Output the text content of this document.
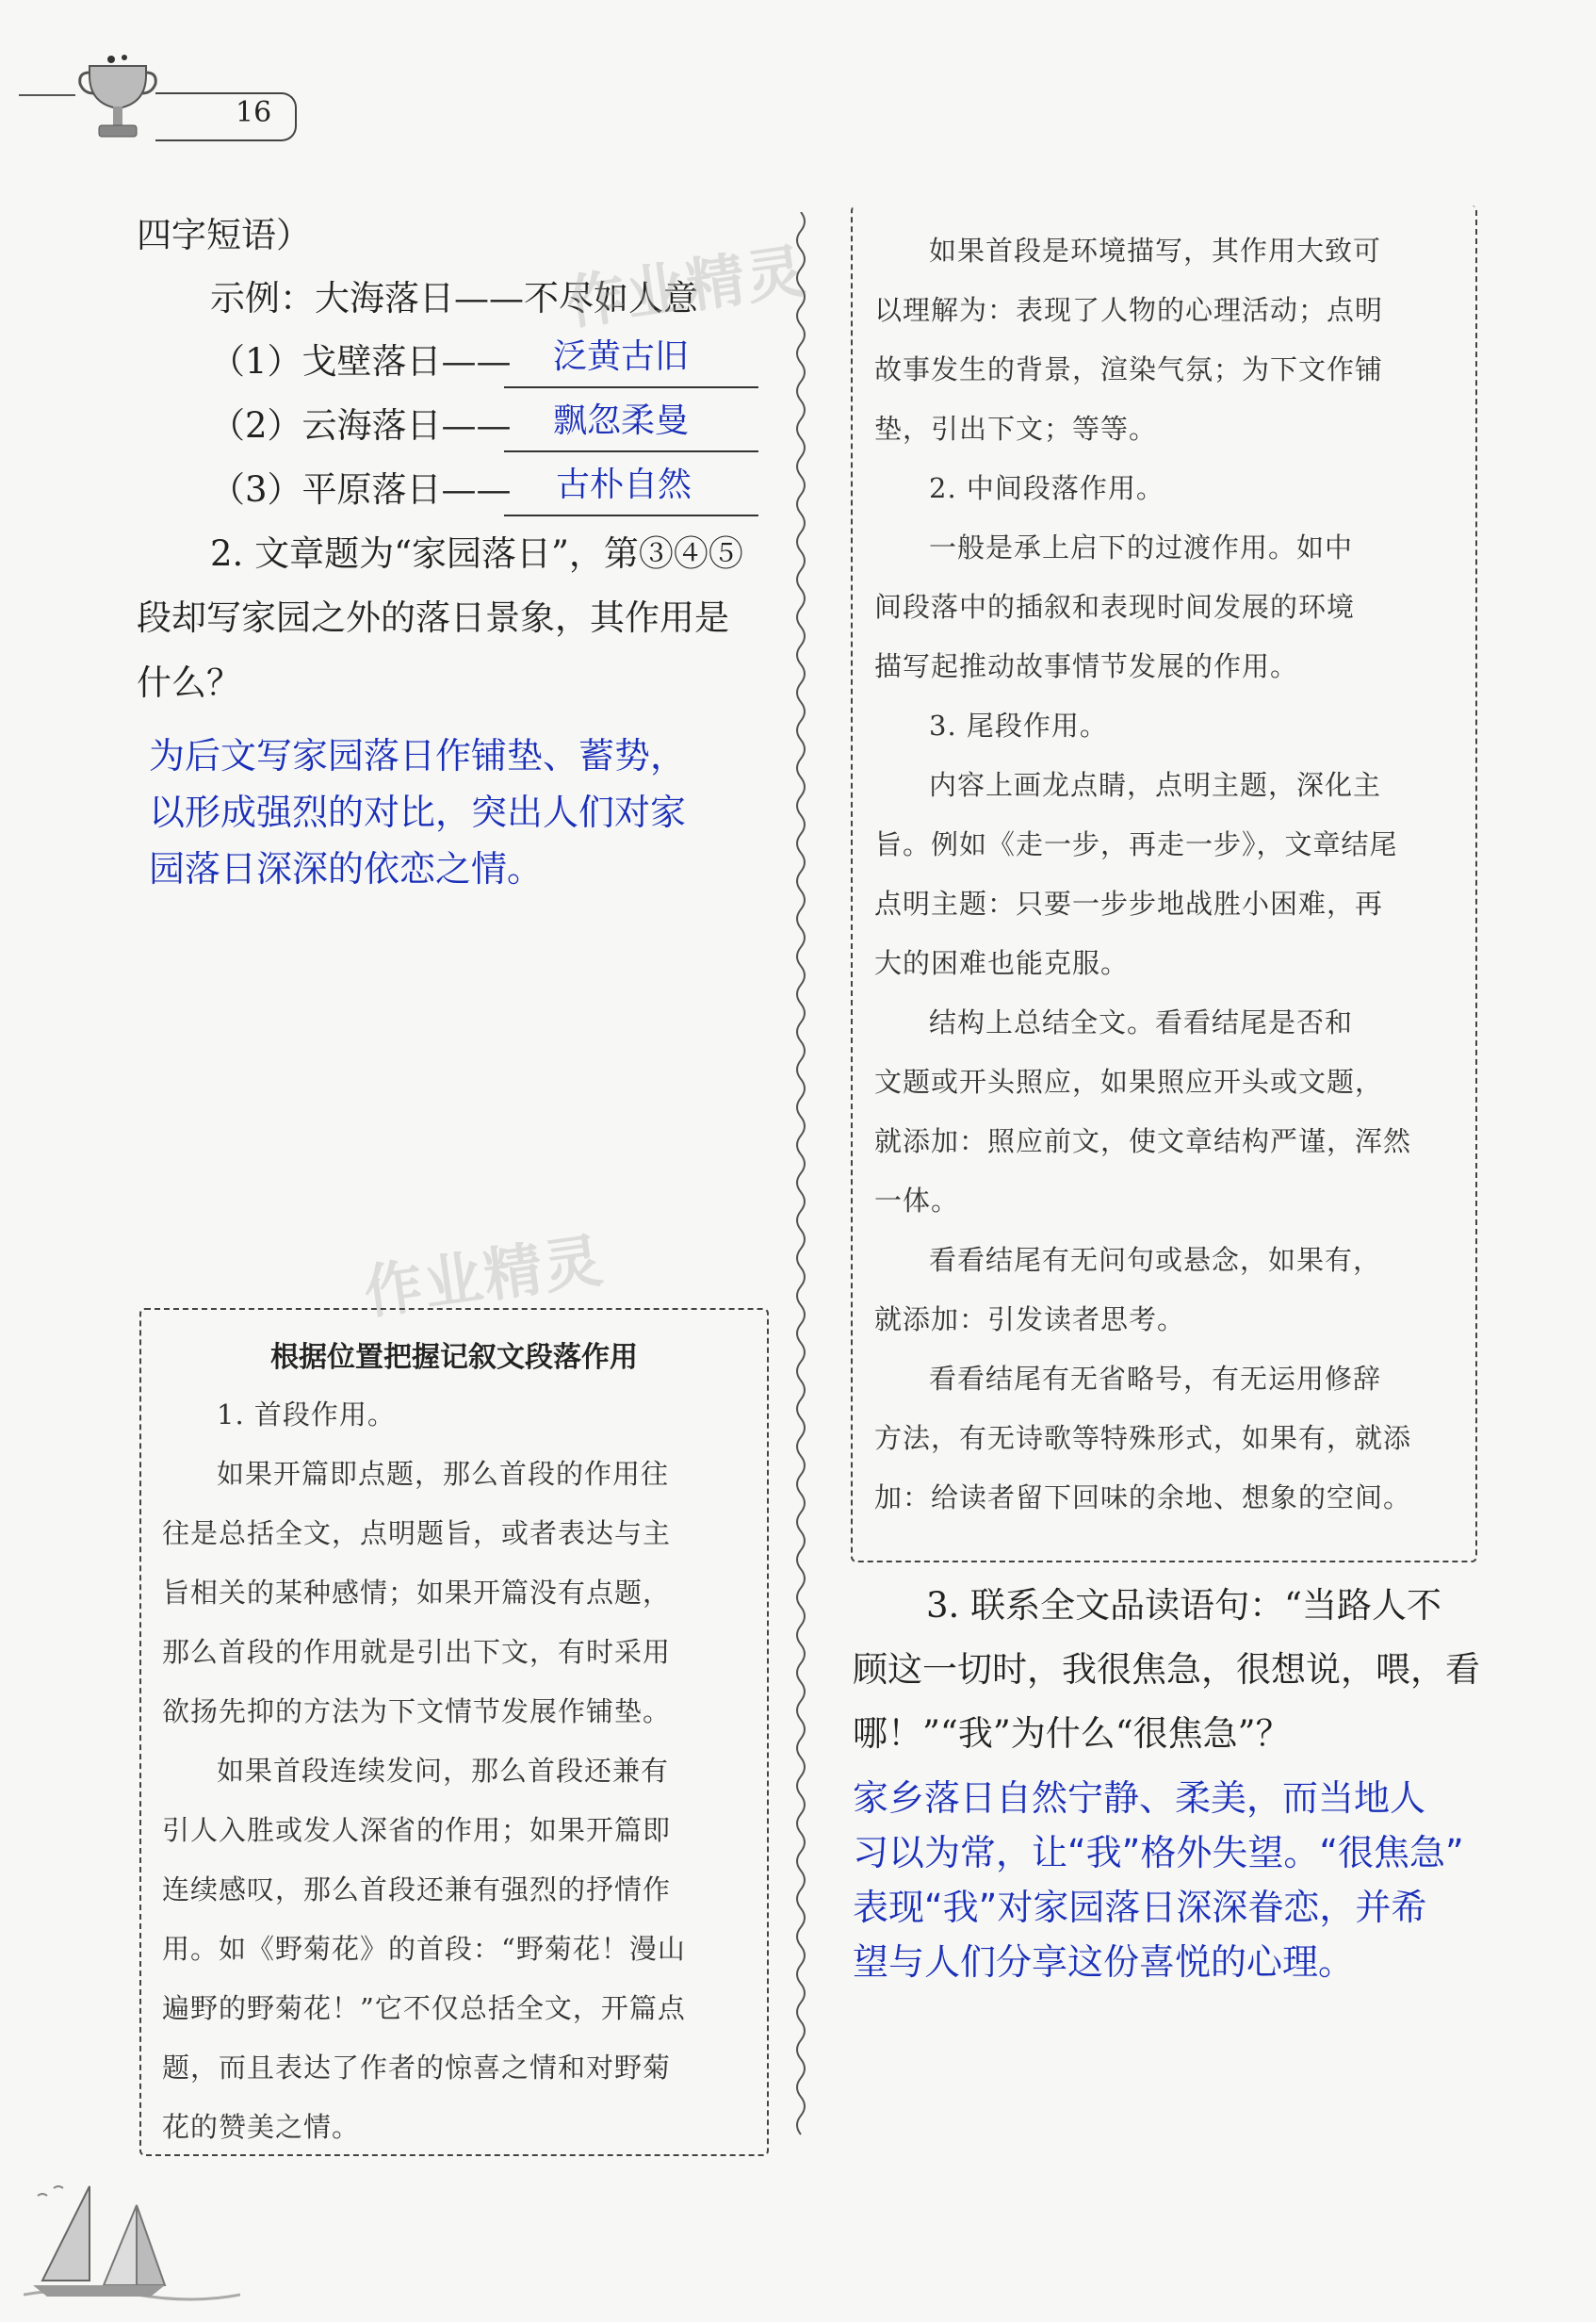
16
四字短语）
示例：大海落日——不尽如人意
（1）戈壁落日—— 泛黄古旧
（2）云海落日—— 飘忽柔曼
（3）平原落日—— 古朴自然
2. 文章题为“家园落日”，第③④⑤
段却写家园之外的落日景象，其作用是
什么？
为后文写家园落日作铺垫、蓄势，
以形成强烈的对比，突出人们对家
园落日深深的依恋之情。
作业精灵
作业精灵
根据位置把握记叙文段落作用

1. 首段作用。

如果开篇即点题，那么首段的作用往

往是总括全文，点明题旨，或者表达与主

旨相关的某种感情；如果开篇没有点题，

那么首段的作用就是引出下文，有时采用

欲扬先抑的方法为下文情节发展作铺垫。

如果首段连续发问，那么首段还兼有

引人入胜或发人深省的作用；如果开篇即

连续感叹，那么首段还兼有强烈的抒情作

用。如《野菊花》的首段：“野菊花！漫山

遍野的野菊花！”它不仅总括全文，开篇点

题，而且表达了作者的惊喜之情和对野菊

花的赞美之情。

如果首段是环境描写，其作用大致可

以理解为：表现了人物的心理活动；点明

故事发生的背景，渲染气氛；为下文作铺

垫，引出下文；等等。

2. 中间段落作用。

一般是承上启下的过渡作用。如中

间段落中的插叙和表现时间发展的环境

描写起推动故事情节发展的作用。

3. 尾段作用。

内容上画龙点睛，点明主题，深化主

旨。例如《走一步，再走一步》，文章结尾

点明主题：只要一步步地战胜小困难，再

大的困难也能克服。

结构上总结全文。看看结尾是否和

文题或开头照应，如果照应开头或文题，

就添加：照应前文，使文章结构严谨，浑然

一体。

看看结尾有无问句或悬念，如果有，

就添加：引发读者思考。

看看结尾有无省略号，有无运用修辞

方法，有无诗歌等特殊形式，如果有，就添

加：给读者留下回味的余地、想象的空间。

3. 联系全文品读语句：“当路人不
顾这一切时，我很焦急，很想说，喂，看
哪！”“我”为什么“很焦急”？
家乡落日自然宁静、柔美，而当地人
习以为常，让“我”格外失望。“很焦急”
表现“我”对家园落日深深眷恋，并希
望与人们分享这份喜悦的心理。
